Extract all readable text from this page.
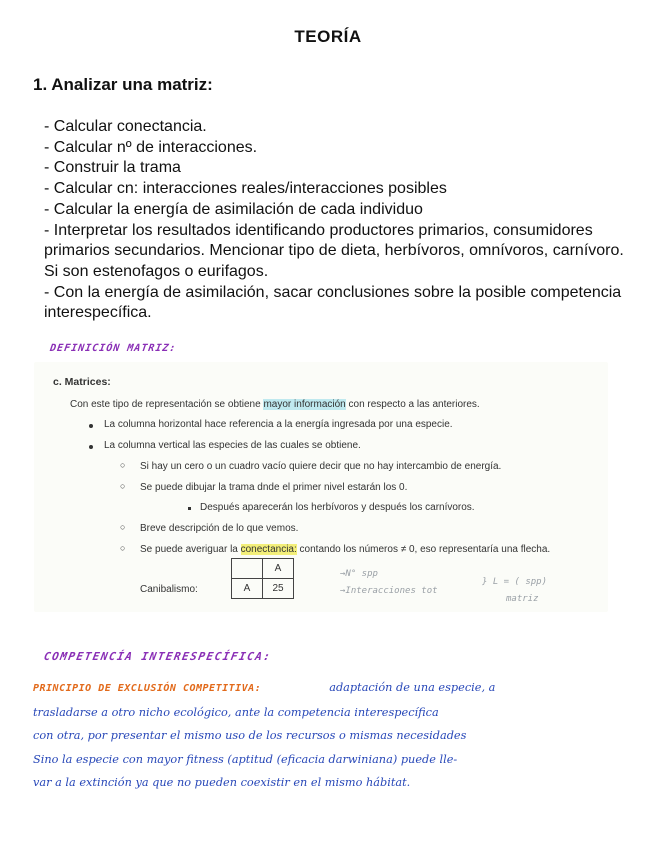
TEORÍA
1. Analizar una matriz:
- Calcular conectancia.
- Calcular nº de interacciones.
- Construir la trama
- Calcular cn: interacciones reales/interacciones posibles
- Calcular la energía de asimilación de cada individuo
- Interpretar los resultados identificando productores primarios, consumidores primarios secundarios. Mencionar tipo de dieta, herbívoros, omnívoros, carnívoro. Si son estenofagos o eurifagos.
- Con la energía de asimilación, sacar conclusiones sobre la posible competencia interespecífica.
DEFINICIÓN MATRIZ:
c. Matrices:
Con este tipo de representación se obtiene mayor información con respecto a las anteriores.
La columna horizontal hace referencia a la energía ingresada por una especie.
La columna vertical las especies de las cuales se obtiene.
○ Si hay un cero o un cuadro vacío quiere decir que no hay intercambio de energía.
○ Se puede dibujar la trama dnde el primer nivel estarán los 0.
Después aparecerán los herbívoros y después los carnívoros.
○ Breve descripción de lo que vemos.
○ Se puede averiguar la conectancia: contando los números ≠ 0, eso representaría una flecha.
Canibalismo:
	A
A	25
→N° spp
→Interacciones tot
} L = ( spp)
matriz
COMPETENCÍA INTERESPECÍFICA:
PRINCIPIO DE EXCLUSIÓN COMPETITIVA:	adaptación de una especie, a
trasladarse a otro nicho ecológico, ante la competencia interespecífica
con otra, por presentar el mismo uso de los recursos o mismas necesidades
Sino la especie con mayor fitness (aptitud (eficacia darwiniana) puede lle-
var a la extinción ya que no pueden coexistir en el mismo hábitat.
